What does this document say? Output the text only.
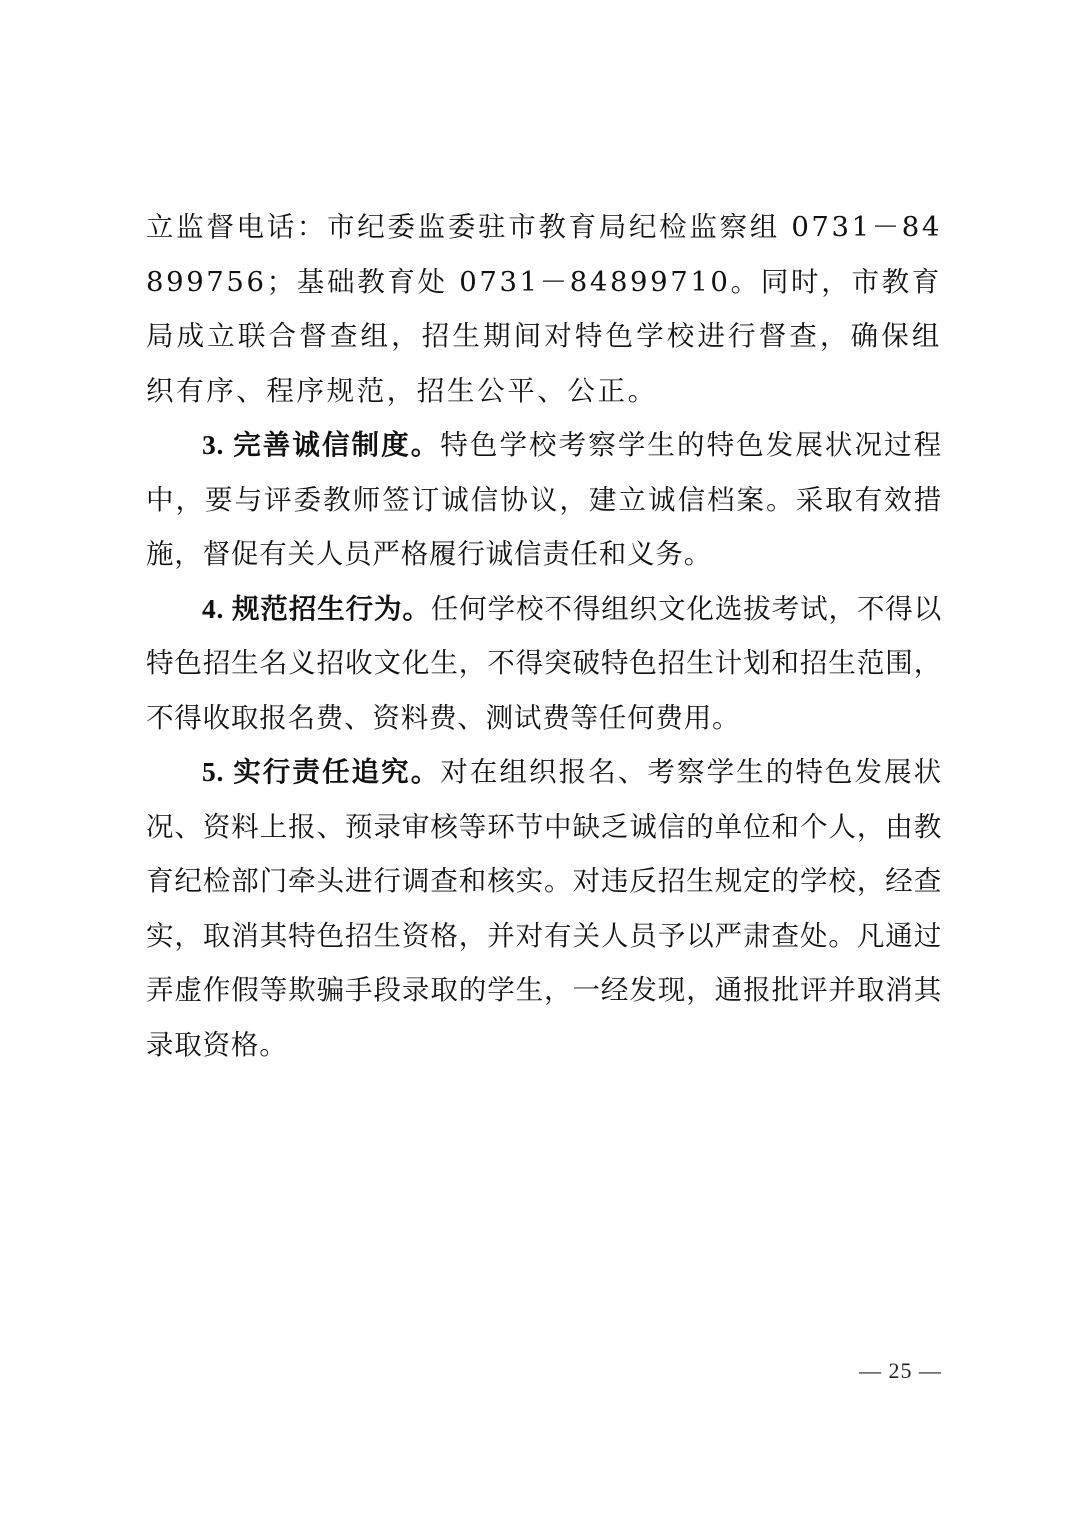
立监督电话：市纪委监委驻市教育局纪检监察组 0731－84899756；基础教育处 0731－84899710。同时，市教育局成立联合督查组，招生期间对特色学校进行督查，确保组织有序、程序规范，招生公平、公正。

3. 完善诚信制度。特色学校考察学生的特色发展状况过程中，要与评委教师签订诚信协议，建立诚信档案。采取有效措施，督促有关人员严格履行诚信责任和义务。

4. 规范招生行为。任何学校不得组织文化选拔考试，不得以特色招生名义招收文化生，不得突破特色招生计划和招生范围，不得收取报名费、资料费、测试费等任何费用。

5. 实行责任追究。对在组织报名、考察学生的特色发展状况、资料上报、预录审核等环节中缺乏诚信的单位和个人，由教育纪检部门牵头进行调查和核实。对违反招生规定的学校，经查实，取消其特色招生资格，并对有关人员予以严肃查处。凡通过弄虚作假等欺骗手段录取的学生，一经发现，通报批评并取消其录取资格。

— 25 —
